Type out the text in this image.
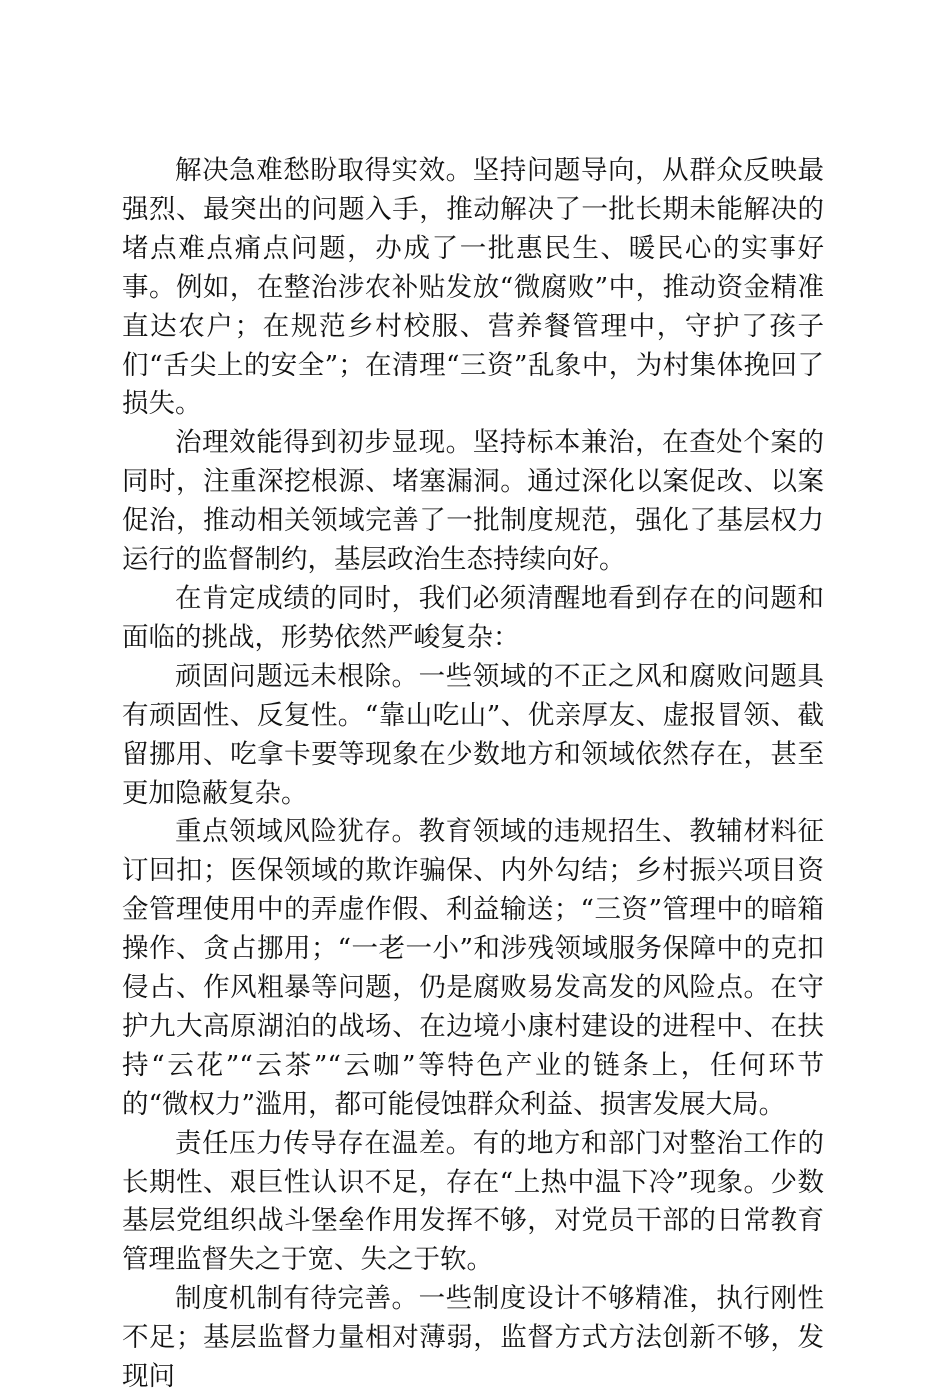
解决急难愁盼取得实效。坚持问题导向，从群众反映最强烈、最突出的问题入手，推动解决了一批长期未能解决的堵点难点痛点问题，办成了一批惠民生、暖民心的实事好事。例如，在整治涉农补贴发放“微腐败”中，推动资金精准直达农户；在规范乡村校服、营养餐管理中，守护了孩子们“舌尖上的安全”；在清理“三资”乱象中，为村集体挽回了损失。

治理效能得到初步显现。坚持标本兼治，在查处个案的同时，注重深挖根源、堵塞漏洞。通过深化以案促改、以案促治，推动相关领域完善了一批制度规范，强化了基层权力运行的监督制约，基层政治生态持续向好。

在肯定成绩的同时，我们必须清醒地看到存在的问题和面临的挑战，形势依然严峻复杂：

顽固问题远未根除。一些领域的不正之风和腐败问题具有顽固性、反复性。“靠山吃山”、优亲厚友、虚报冒领、截留挪用、吃拿卡要等现象在少数地方和领域依然存在，甚至更加隐蔽复杂。

重点领域风险犹存。教育领域的违规招生、教辅材料征订回扣；医保领域的欺诈骗保、内外勾结；乡村振兴项目资金管理使用中的弄虚作假、利益输送；“三资”管理中的暗箱操作、贪占挪用；“一老一小”和涉残领域服务保障中的克扣侵占、作风粗暴等问题，仍是腐败易发高发的风险点。在守护九大高原湖泊的战场、在边境小康村建设的进程中、在扶持“云花”“云茶”“云咖”等特色产业的链条上，任何环节的“微权力”滥用，都可能侵蚀群众利益、损害发展大局。

责任压力传导存在温差。有的地方和部门对整治工作的长期性、艰巨性认识不足，存在“上热中温下冷”现象。少数基层党组织战斗堡垒作用发挥不够，对党员干部的日常教育管理监督失之于宽、失之于软。

制度机制有待完善。一些制度设计不够精准，执行刚性不足；基层监督力量相对薄弱，监督方式方法创新不够，发现问
